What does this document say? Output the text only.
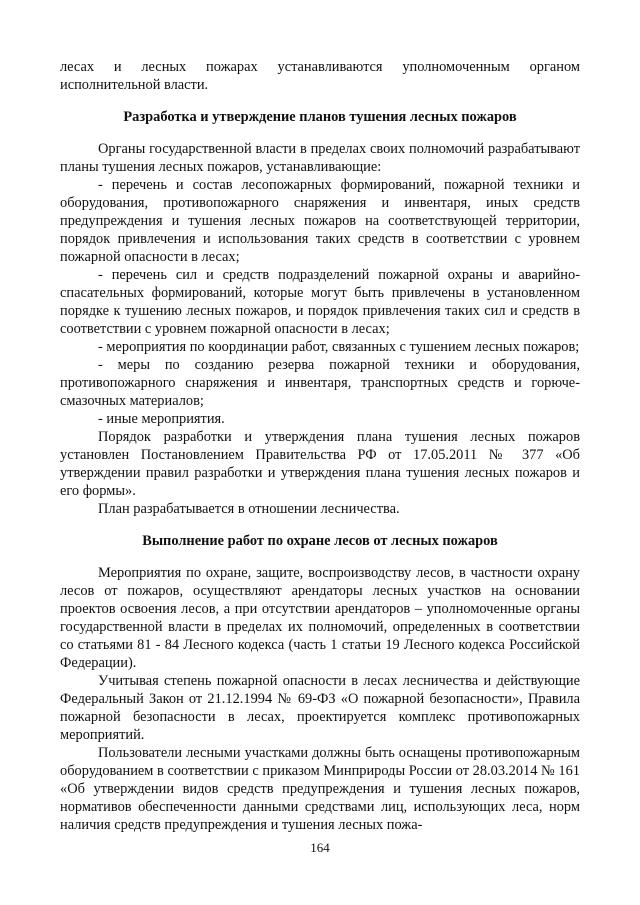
лесах и лесных пожарах устанавливаются уполномоченным органом исполнительной власти.

Разработка и утверждение планов тушения лесных пожаров

Органы государственной власти в пределах своих полномочий разрабатывают планы тушения лесных пожаров, устанавливающие:

- перечень и состав лесопожарных формирований, пожарной техники и оборудования, противопожарного снаряжения и инвентаря, иных средств предупреждения и тушения лесных пожаров на соответствующей территории, порядок привлечения и использования таких средств в соответствии с уровнем пожарной опасности в лесах;

- перечень сил и средств подразделений пожарной охраны и аварийно-спасательных формирований, которые могут быть привлечены в установленном порядке к тушению лесных пожаров, и порядок привлечения таких сил и средств в соответствии с уровнем пожарной опасности в лесах;

- мероприятия по координации работ, связанных с тушением лесных пожаров;

- меры по созданию резерва пожарной техники и оборудования, противопожарного снаряжения и инвентаря, транспортных средств и горюче-смазочных материалов;

- иные мероприятия.

Порядок разработки и утверждения плана тушения лесных пожаров установлен Постановлением Правительства РФ от 17.05.2011 № 377 «Об утверждении правил разработки и утверждения плана тушения лесных пожаров и его формы».

План разрабатывается в отношении лесничества.

Выполнение работ по охране лесов от лесных пожаров

Мероприятия по охране, защите, воспроизводству лесов, в частности охрану лесов от пожаров, осуществляют арендаторы лесных участков на основании проектов освоения лесов, а при отсутствии арендаторов – уполномоченные органы государственной власти в пределах их полномочий, определенных в соответствии со статьями 81 - 84 Лесного кодекса (часть 1 статьи 19 Лесного кодекса Российской Федерации).

Учитывая степень пожарной опасности в лесах лесничества и действующие Федеральный Закон от 21.12.1994 № 69-ФЗ «О пожарной безопасности», Правила пожарной безопасности в лесах, проектируется комплекс противопожарных мероприятий.

Пользователи лесными участками должны быть оснащены противопожарным оборудованием в соответствии с приказом Минприроды России от 28.03.2014 № 161 «Об утверждении видов средств предупреждения и тушения лесных пожаров, нормативов обеспеченности данными средствами лиц, использующих леса, норм наличия средств предупреждения и тушения лесных пожа-

164
